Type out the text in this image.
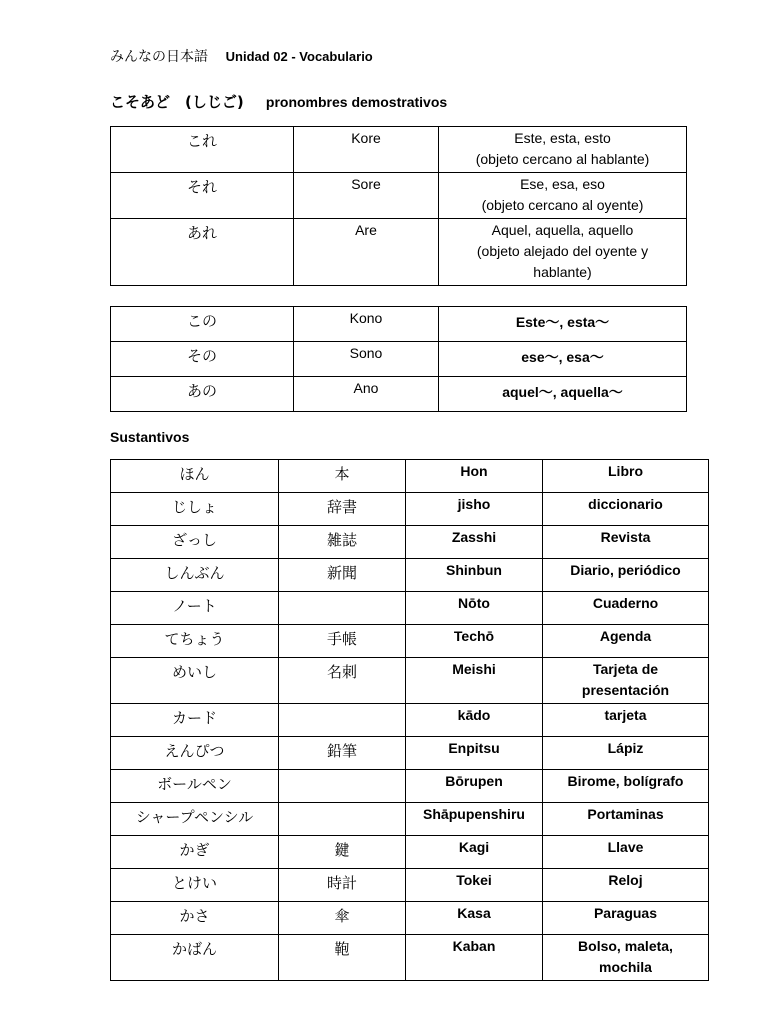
みんなの日本語 Unidad 02 - Vocabulario
こそあど　(しじご) pronombres demostrativos
これ	Kore	Este, esta, esto
(objeto cercano al hablante)

それ	Sore	Ese, esa, eso
(objeto cercano al oyente)

あれ	Are	Aquel, aquella, aquello
(objeto alejado del oyente y
hablante)
この	Kono	Este〜, esta〜
その	Sono	ese〜, esa〜
あの	Ano	aquel〜, aquella〜
Sustantivos
ほん	本	Hon	Libro

じしょ	辞書	jisho	diccionario

ざっし	雑誌	Zasshi	Revista

しんぶん	新聞	Shinbun	Diario, periódico

ノート		Nōto	Cuaderno

てちょう	手帳	Techō	Agenda

めいし	名刺	Meishi	Tarjeta de
presentación

カード		kādo	tarjeta

えんぴつ	鉛筆	Enpitsu	Lápiz

ボールペン		Bōrupen	Birome, bolígrafo

シャープペンシル		Shāpupenshiru	Portaminas

かぎ	鍵	Kagi	Llave

とけい	時計	Tokei	Reloj

かさ	傘	Kasa	Paraguas

かばん	鞄	Kaban	Bolso, maleta,
mochila
